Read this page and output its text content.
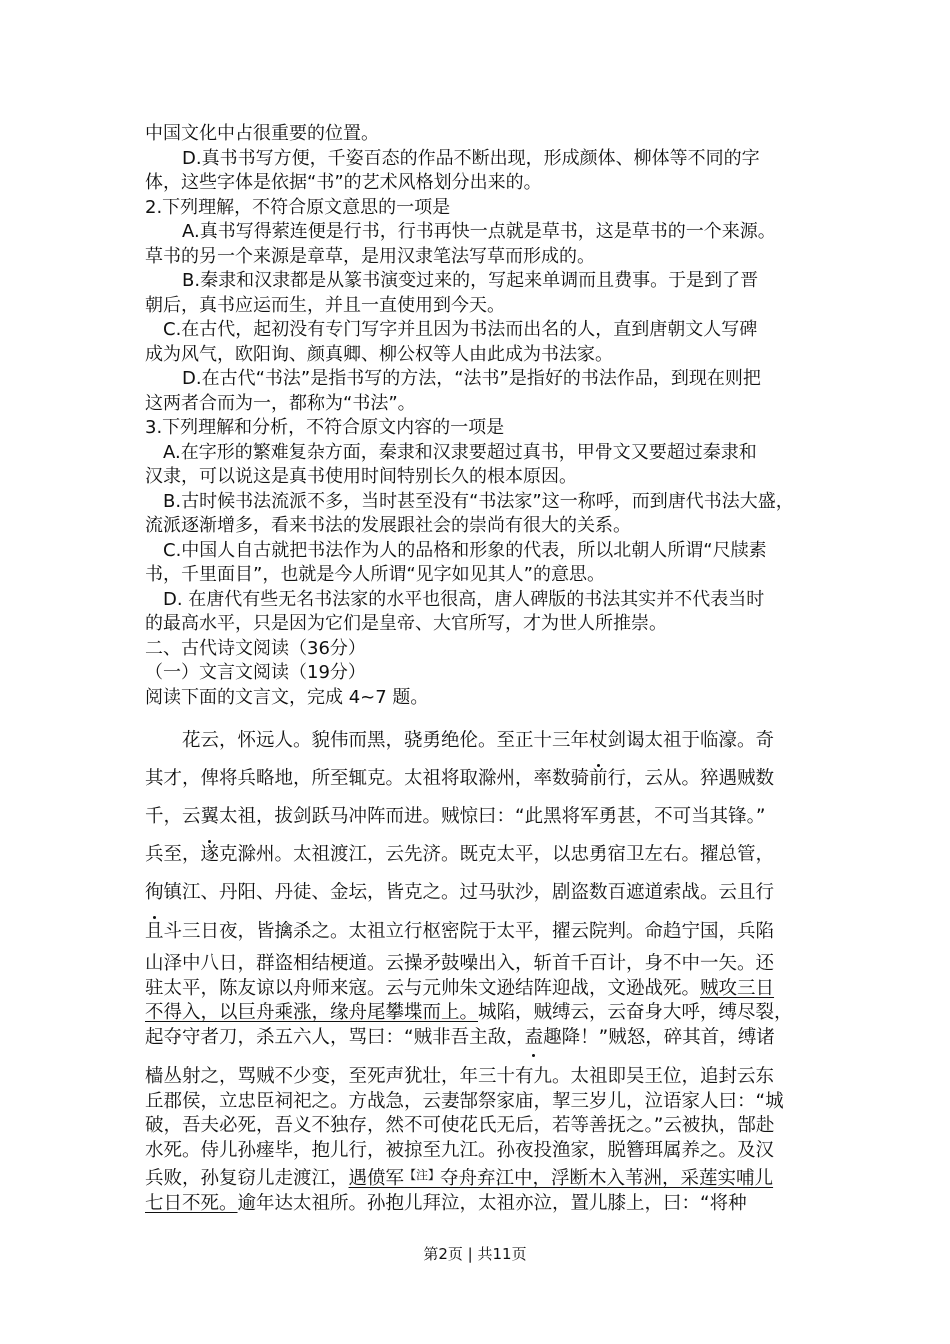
中国文化中占很重要的位置。
D.真书书写方便，千姿百态的作品不断出现，形成颜体、柳体等不同的字
体，这些字体是依据“书”的艺术风格划分出来的。
2.下列理解，不符合原文意思的一项是
A.真书写得萦连便是行书，行书再快一点就是草书，这是草书的一个来源。
草书的另一个来源是章草，是用汉隶笔法写草而形成的。
B.秦隶和汉隶都是从篆书演变过来的，写起来单调而且费事。于是到了晋
朝后，真书应运而生，并且一直使用到今天。
C.在古代，起初没有专门写字并且因为书法而出名的人，直到唐朝文人写碑
成为风气，欧阳询、颜真卿、柳公权等人由此成为书法家。
D.在古代“书法”是指书写的方法，“法书”是指好的书法作品，到现在则把
这两者合而为一，都称为“书法”。
3.下列理解和分析，不符合原文内容的一项是
A.在字形的繁难复杂方面，秦隶和汉隶要超过真书，甲骨文又要超过秦隶和
汉隶，可以说这是真书使用时间特别长久的根本原因。
B.古时候书法流派不多，当时甚至没有“书法家”这一称呼，而到唐代书法大盛，
流派逐渐增多，看来书法的发展跟社会的崇尚有很大的关系。
C.中国人自古就把书法作为人的品格和形象的代表，所以北朝人所谓“尺牍素
书，千里面目”，也就是今人所谓“见字如见其人”的意思。
D. 在唐代有些无名书法家的水平也很高，唐人碑版的书法其实并不代表当时
的最高水平，只是因为它们是皇帝、大官所写，才为世人所推崇。
二、古代诗文阅读（36分）
（一）文言文阅读（19分）
阅读下面的文言文，完成 4~7 题。
花云，怀远人。貌伟而黑，骁勇绝伦。至正十三年杖剑谒太祖于临濠。奇
其才，俾将兵略地，所至辄克。太祖将取滁州，率数骑前行，云从。猝遇贼数
千，云翼太祖，拔剑跃马冲阵而进。贼惊曰：“此黑将军勇甚，不可当其锋。”
兵至，遂克滁州。太祖渡江，云先济。既克太平，以忠勇宿卫左右。擢总管，
徇镇江、丹阳、丹徒、金坛，皆克之。过马驮沙，剧盗数百遮道索战。云且行
且斗三日夜，皆擒杀之。太祖立行枢密院于太平，擢云院判。命趋宁国，兵陷
山泽中八日，群盗相结梗道。云操矛鼓噪出入，斩首千百计，身不中一矢。还
驻太平，陈友谅以舟师来寇。云与元帅朱文逊结阵迎战，文逊战死。贼攻三日
不得入，以巨舟乘涨，缘舟尾攀堞而上。城陷，贼缚云，云奋身大呼，缚尽裂，
起夺守者刀，杀五六人，骂曰：“贼非吾主敌，盍趣降！”贼怒，碎其首，缚诸
樯丛射之，骂贼不少变，至死声犹壮，年三十有九。太祖即吴王位，追封云东
丘郡侯，立忠臣祠祀之。方战急，云妻郜祭家庙，挈三岁儿，泣语家人曰：“城
破，吾夫必死，吾义不独存，然不可使花氏无后，若等善抚之。”云被执，郜赴
水死。侍儿孙瘗毕，抱儿行，被掠至九江。孙夜投渔家，脱簪珥属养之。及汉
兵败，孙复窃儿走渡江，遇偾军$^{【注】}$夺舟弃江中，浮断木入苇洲，采莲实哺儿
七日不死。逾年达太祖所。孙抱儿拜泣，太祖亦泣，置儿膝上，曰：“将种
第2页 | 共11页
